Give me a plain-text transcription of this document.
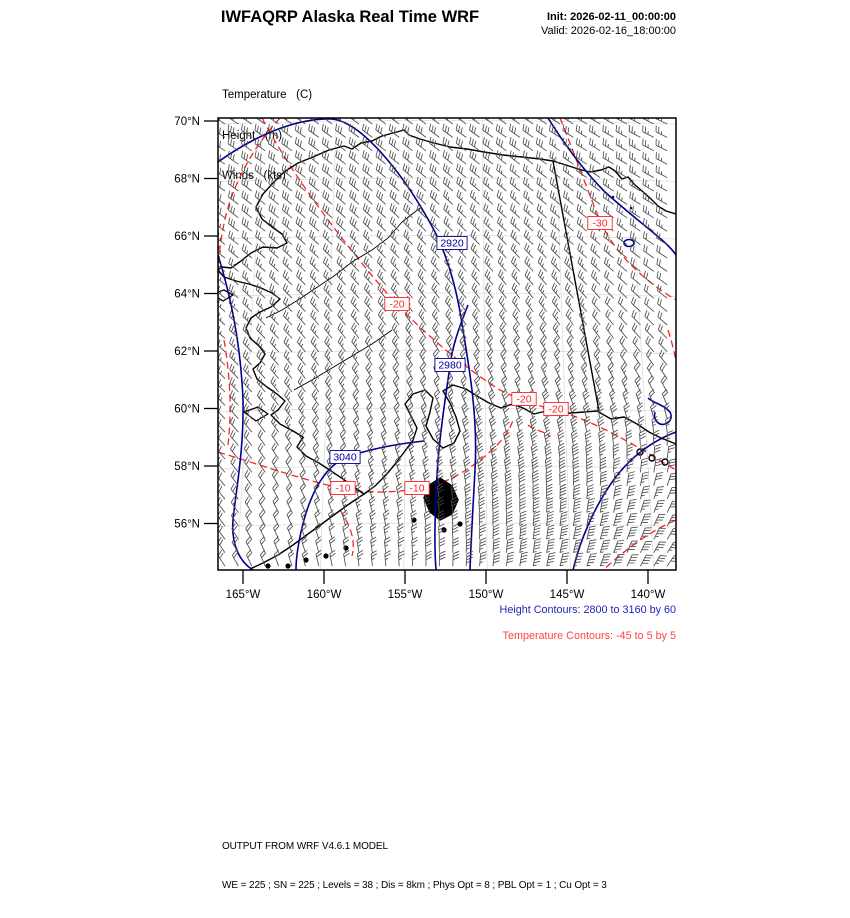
IWFAQRP Alaska Real Time WRF	Init: 2026-02-11_00:00:00
Valid: 2026-02-16_18:00:00

Temperature   (C)

Height   (m)

Winds   (kts)

70°N
68°N
66°N
64°N
62°N
60°N
58°N
56°N
165°W	160°W	155°W	150°W	145°W	140°W
2920
2980
3040
-30
-20
-20
-20
-10	-10
Height Contours: 2800 to 3160 by 60
Temperature Contours: -45 to 5 by 5

OUTPUT FROM WRF V4.6.1 MODEL

WE = 225 ; SN = 225 ; Levels = 38 ; Dis = 8km ; Phys Opt = 8 ; PBL Opt = 1 ; Cu Opt = 3
